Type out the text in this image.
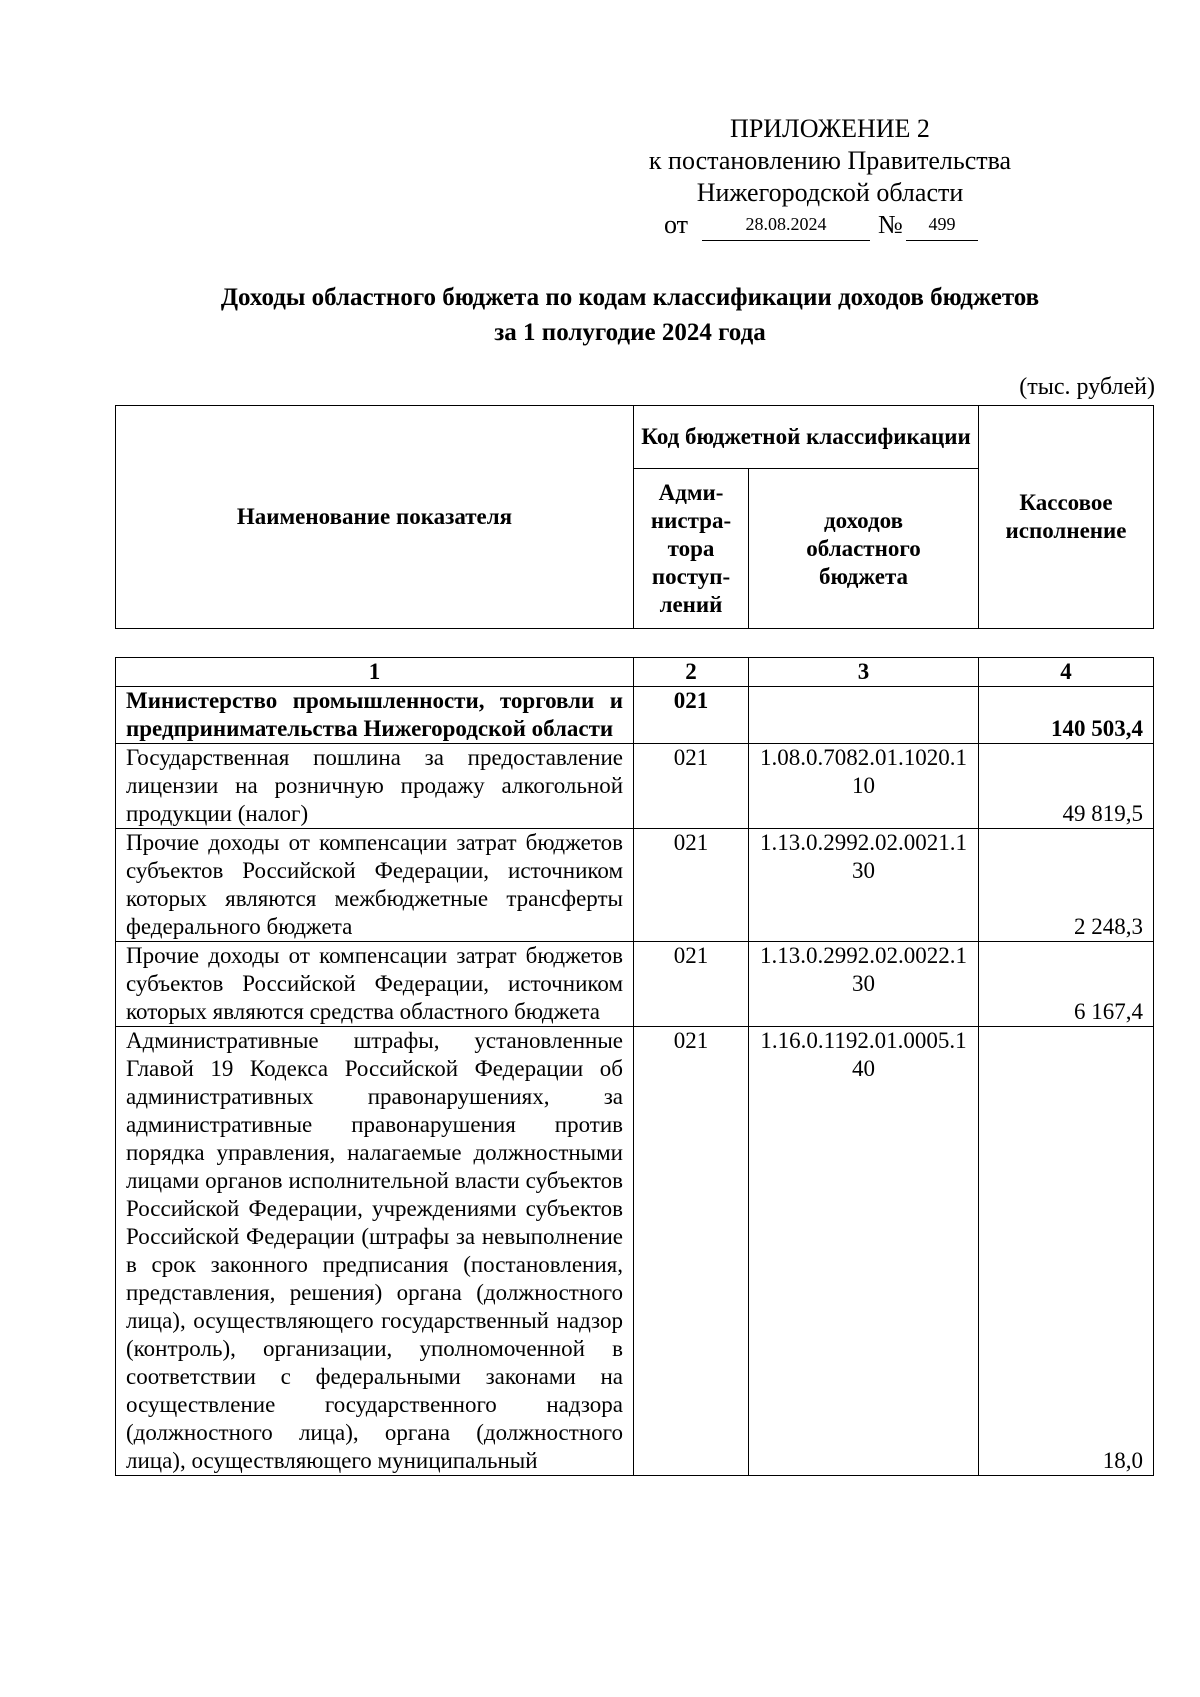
ПРИЛОЖЕНИЕ 2
к постановлению Правительства
Нижегородской области
от	28.08.2024	№	499
Доходы областного бюджета по кодам классификации доходов бюджетов
за 1 полугодие 2024 года
(тыс. рублей)
Наименование показателя	Код бюджетной классификации		Кассовое исполнение
	Адми-нистра-тора поступ-лений	доходов областного бюджета	
1	2	3	4
Министерство промышленности, торговли и предпринимательства Нижегородской области	021		140 503,4
Государственная пошлина за предоставление лицензии на розничную продажу алкогольной продукции (налог)	021	1.08.0.7082.01.1020.110	49 819,5
Прочие доходы от компенсации затрат бюджетов субъектов Российской Федерации, источником которых являются межбюджетные трансферты федерального бюджета	021	1.13.0.2992.02.0021.130	2 248,3
Прочие доходы от компенсации затрат бюджетов субъектов Российской Федерации, источником которых являются средства областного бюджета	021	1.13.0.2992.02.0022.130	6 167,4
Административные штрафы, установленные Главой 19 Кодекса Российской Федерации об административных правонарушениях, за административные правонарушения против порядка управления, налагаемые должностными лицами органов исполнительной власти субъектов Российской Федерации, учреждениями субъектов Российской Федерации (штрафы за невыполнение в срок законного предписания (постановления, представления, решения) органа (должностного лица), осуществляющего государственный надзор (контроль), организации, уполномоченной в соответствии с федеральными законами на осуществление государственного надзора (должностного лица), органа (должностного лица), осуществляющего муниципальный	021	1.16.0.1192.01.0005.140	18,0
